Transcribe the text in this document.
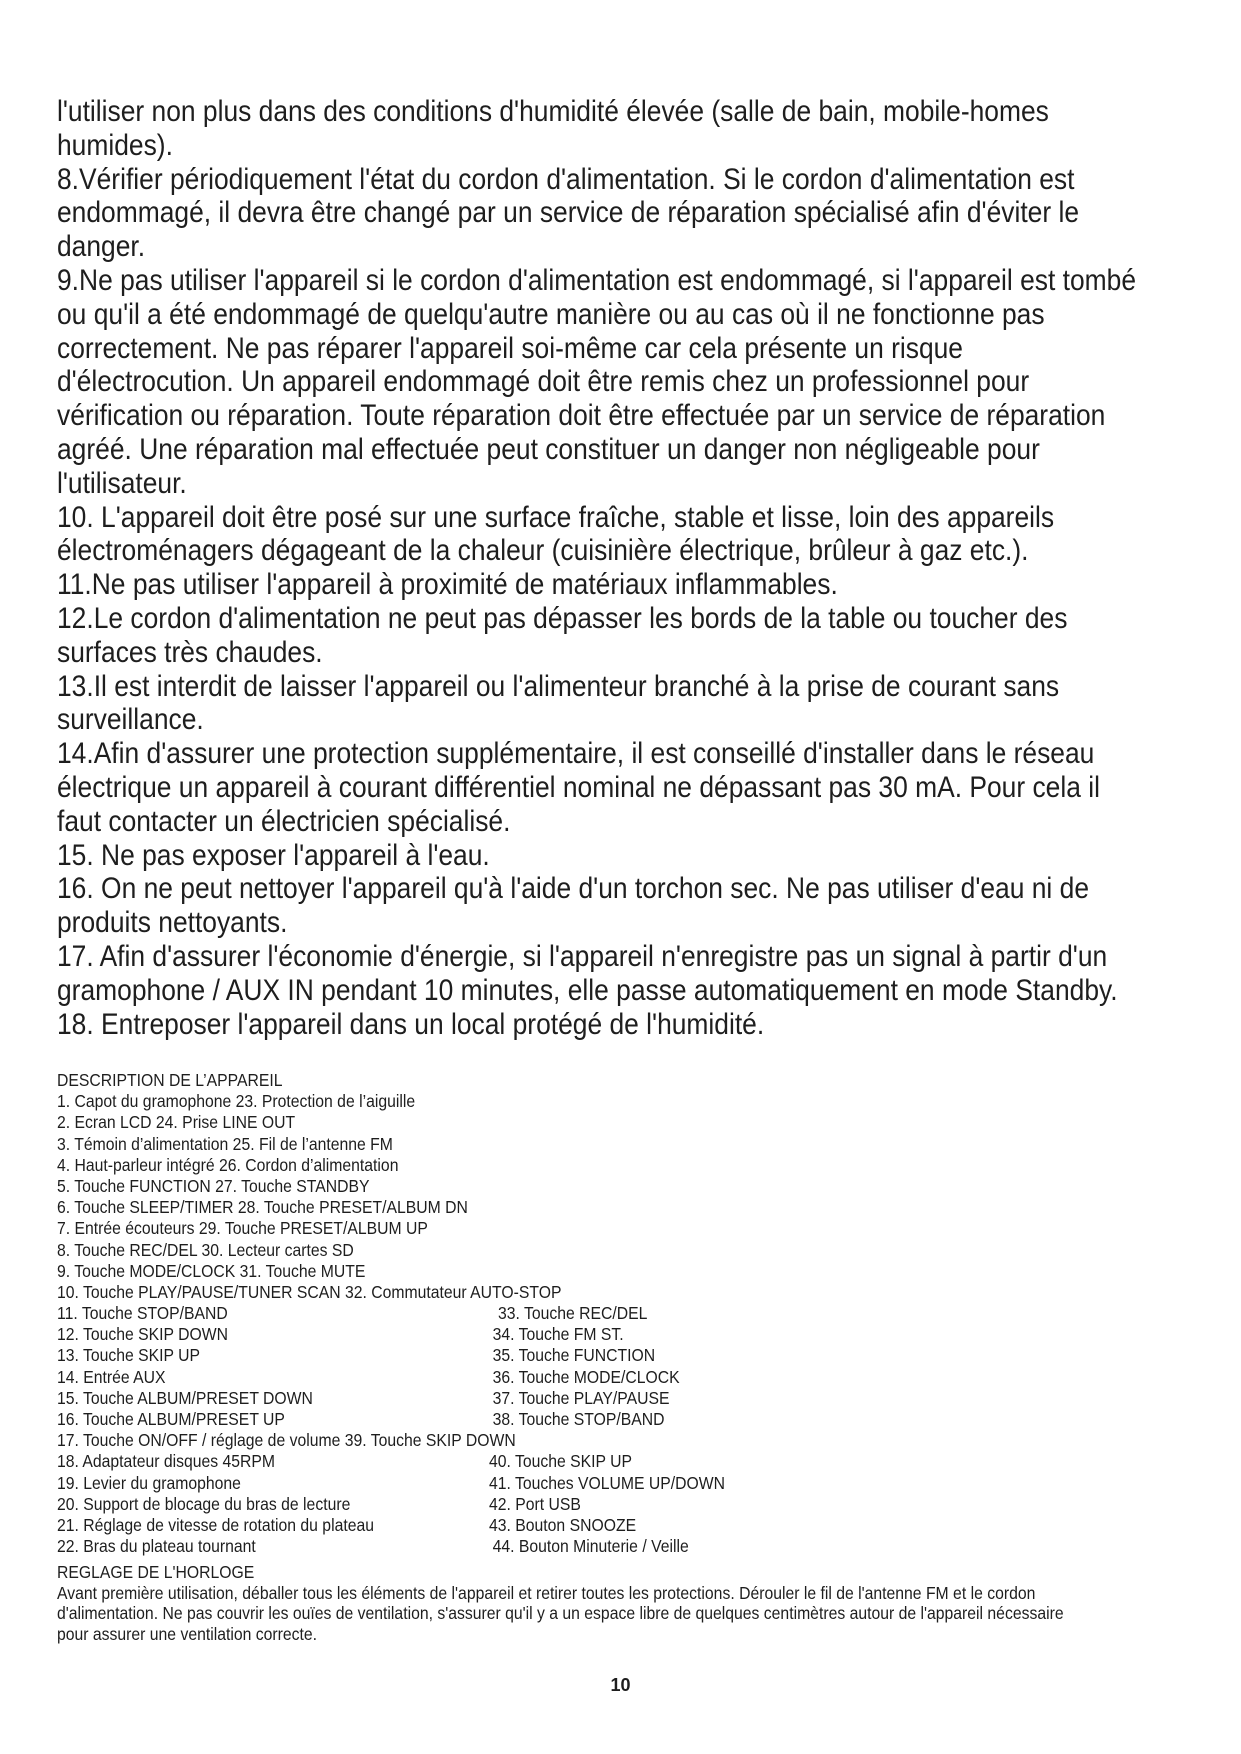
l'utiliser non plus dans des conditions d'humidité élevée (salle de bain, mobile-homes
humides).
8.Vérifier périodiquement l'état du cordon d'alimentation. Si le cordon d'alimentation est
endommagé, il devra être changé par un service de réparation spécialisé afin d'éviter le
danger.
9.Ne pas utiliser l'appareil si le cordon d'alimentation est endommagé, si l'appareil est tombé
ou qu'il a été endommagé de quelqu'autre manière ou au cas où il ne fonctionne pas
correctement. Ne pas réparer l'appareil soi-même car cela présente un risque
d'électrocution. Un appareil endommagé doit être remis chez un professionnel pour
vérification ou réparation. Toute réparation doit être effectuée par un service de réparation
agréé. Une réparation mal effectuée peut constituer un danger non négligeable pour
l'utilisateur.
10. L'appareil doit être posé sur une surface fraîche, stable et lisse, loin des appareils
électroménagers dégageant de la chaleur (cuisinière électrique, brûleur à gaz etc.).
11.Ne pas utiliser l'appareil à proximité de matériaux inflammables.
12.Le cordon d'alimentation ne peut pas dépasser les bords de la table ou toucher des
surfaces très chaudes.
13.Il est interdit de laisser l'appareil ou l'alimenteur branché à la prise de courant sans
surveillance.
14.Afin d'assurer une protection supplémentaire, il est conseillé d'installer dans le réseau
électrique un appareil à courant différentiel nominal ne dépassant pas 30 mA. Pour cela il
faut contacter un électricien spécialisé.
15. Ne pas exposer l'appareil à l'eau.
16. On ne peut nettoyer l'appareil qu'à l'aide d'un torchon sec. Ne pas utiliser d'eau ni de
produits nettoyants.
17. Afin d'assurer l'économie d'énergie, si l'appareil n'enregistre pas un signal à partir d'un
gramophone / AUX IN pendant 10 minutes, elle passe automatiquement en mode Standby.
18. Entreposer l'appareil dans un local protégé de l'humidité.
DESCRIPTION DE L’APPAREIL
1. Capot du gramophone 23. Protection de l’aiguille
2. Ecran LCD 24. Prise LINE OUT
3. Témoin d’alimentation 25. Fil de l’antenne FM
4. Haut-parleur intégré 26. Cordon d’alimentation
5. Touche FUNCTION 27. Touche STANDBY
6. Touche SLEEP/TIMER 28. Touche PRESET/ALBUM DN
7. Entrée écouteurs 29. Touche PRESET/ALBUM UP
8. Touche REC/DEL 30. Lecteur cartes SD
9. Touche MODE/CLOCK 31. Touche MUTE
10. Touche PLAY/PAUSE/TUNER SCAN 32. Commutateur AUTO-STOP
11. Touche STOP/BAND	33. Touche REC/DEL
12. Touche SKIP DOWN	34. Touche FM ST.
13. Touche SKIP UP	35. Touche FUNCTION
14. Entrée AUX	36. Touche MODE/CLOCK
15. Touche ALBUM/PRESET DOWN	37. Touche PLAY/PAUSE
16. Touche ALBUM/PRESET UP	38. Touche STOP/BAND
17. Touche ON/OFF / réglage de volume 39. Touche SKIP DOWN
18. Adaptateur disques 45RPM	40. Touche SKIP UP
19. Levier du gramophone	41. Touches VOLUME UP/DOWN
20. Support de blocage du bras de lecture	42. Port USB
21. Réglage de vitesse de rotation du plateau	43. Bouton SNOOZE
22. Bras du plateau tournant	44. Bouton Minuterie / Veille
REGLAGE DE L'HORLOGE
Avant première utilisation, déballer tous les éléments de l'appareil et retirer toutes les protections. Dérouler le fil de l'antenne FM et le cordon
d'alimentation. Ne pas couvrir les ouïes de ventilation, s'assurer qu'il y a un espace libre de quelques centimètres autour de l'appareil nécessaire
pour assurer une ventilation correcte.
10
